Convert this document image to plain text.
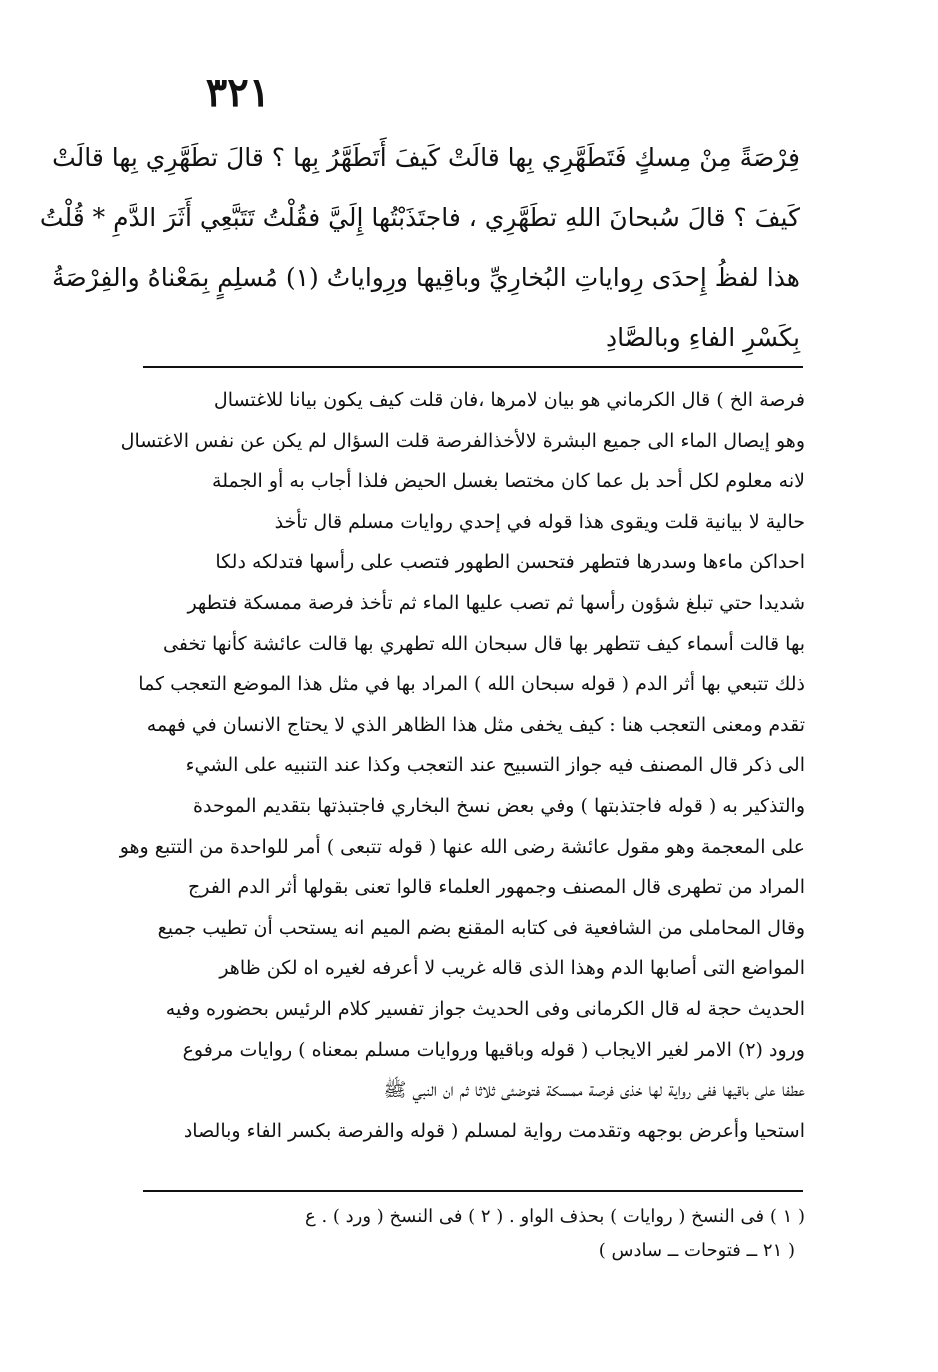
٣٢١
فِرْصَةً مِنْ مِسكٍ فَتَطَهَّرِي بِها قالَتْ كَيفَ أَتَطَهَّرُ بِها ؟ قالَ تطَهَّرِي بِها قالَتْ
كَيفَ ؟ قالَ سُبحانَ اللهِ تطَهَّرِي ، فاجتَذَبْتُها إِلَيَّ فقُلْتُ تَتَبَّعِي أَثَرَ الدَّمِ * قُلْتُ
هذا لفظُ إِحدَى رِواياتِ البُخارِيِّ وباقِيها ورِواياتُ (١) مُسلِمٍ بِمَعْناهُ والفِرْصَةُ
بِكَسْرِ الفاءِ وبالصَّادِ
فرصة الخ ) قال الكرماني هو بيان لامرها ،فان قلت كيف يكون بيانا للاغتسال
وهو إيصال الماء الى جميع البشرة لالأخذالفرصة قلت السؤال لم يكن عن نفس الاغتسال
لانه معلوم لكل أحد بل عما كان مختصا بغسل الحيض فلذا أجاب به أو الجملة
حالية لا بيانية قلت ويقوى هذا قوله في إحدي روايات مسلم قال تأخذ
احداكن ماءها وسدرها فتطهر فتحسن الطهور فتصب على رأسها فتدلكه دلكا
شديدا حتي تبلغ شؤون رأسها ثم تصب عليها الماء ثم تأخذ فرصة ممسكة فتطهر
بها قالت أسماء كيف تتطهر بها قال سبحان الله تطهري بها قالت عائشة كأنها تخفى
ذلك تتبعي بها أثر الدم ( قوله سبحان الله ) المراد بها في مثل هذا الموضع التعجب كما
تقدم ومعنى التعجب هنا : كيف يخفى مثل هذا الظاهر الذي لا يحتاج الانسان في فهمه
الى ذكر قال المصنف فيه جواز التسبيح عند التعجب وكذا عند التنبيه على الشيء
والتذكير به ( قوله فاجتذبتها ) وفي بعض نسخ البخاري فاجتبذتها بتقديم الموحدة
على المعجمة وهو مقول عائشة رضى الله عنها ( قوله تتبعى ) أمر للواحدة من التتبع وهو
المراد من تطهرى قال المصنف وجمهور العلماء قالوا تعنى بقولها أثر الدم الفرج
وقال المحاملى من الشافعية فى كتابه المقنع بضم الميم انه يستحب أن تطيب جميع
المواضع التى أصابها الدم وهذا الذى قاله غريب لا أعرفه لغيره اه لكن ظاهر
الحديث حجة له قال الكرمانى وفى الحديث جواز تفسير كلام الرئيس بحضوره وفيه
ورود (٢) الامر لغير الايجاب ( قوله وباقيها وروايات مسلم بمعناه ) روايات مرفوع
عطفا على باقيها ففى رواية لها خذى فرصة ممسكة فتوضئى ثلاثا ثم ان النبي ﷺ
استحيا وأعرض بوجهه وتقدمت رواية لمسلم ( قوله والفرصة بكسر الفاء وبالصاد
( ١ ) فى النسخ ( روايات ) بحذف الواو . ( ٢ ) فى النسخ ( ورد ) . ع
( ٢١ ــ فتوحات ــ سادس )
